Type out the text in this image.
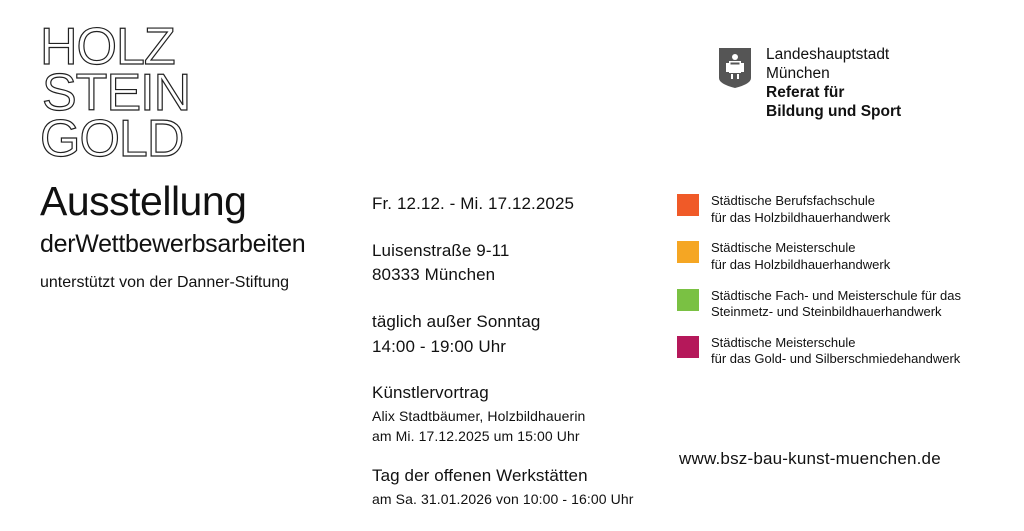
HOLZ
STEIN
GOLD
Ausstellung
derWettbewerbsarbeiten
unterstützt von der Danner-Stiftung
Fr. 12.12. - Mi. 17.12.2025
Luisenstraße 9-11
80333 München
täglich außer Sonntag
14:00 - 19:00 Uhr
Künstlervortrag
Alix Stadtbäumer, Holzbildhauerin
am Mi. 17.12.2025 um 15:00 Uhr
Tag der offenen Werkstätten
am Sa. 31.01.2026 von 10:00 - 16:00 Uhr
Landeshauptstadt
München
Referat für
Bildung und Sport
Städtische Berufsfachschule
für das Holzbildhauerhandwerk
Städtische Meisterschule
für das Holzbildhauerhandwerk
Städtische Fach- und Meisterschule für das
Steinmetz- und Steinbildhauerhandwerk
Städtische Meisterschule
für das Gold- und Silberschmiedehandwerk
www.bsz-bau-kunst-muenchen.de
